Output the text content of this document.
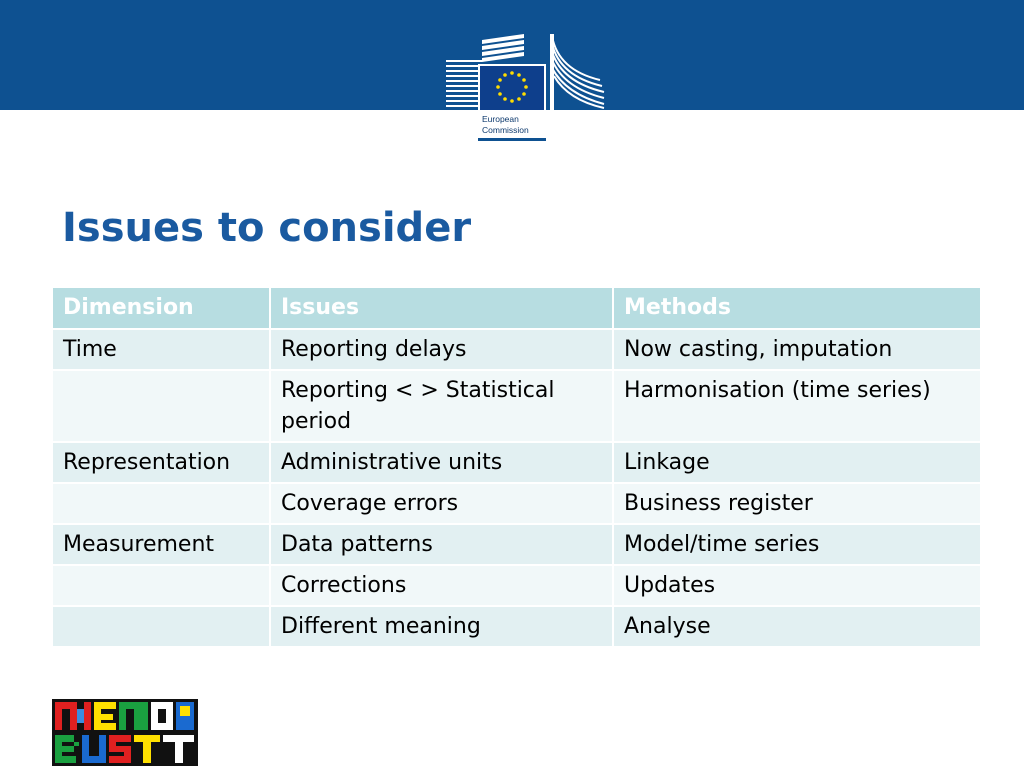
European
Commission
Issues to consider
Dimension	Issues	Methods
Time	Reporting delays	Now casting, imputation
	Reporting < > Statistical period	Harmonisation (time series)
Representation	Administrative units	Linkage
	Coverage errors	Business register
Measurement	Data patterns	Model/time series
	Corrections	Updates
	Different meaning	Analyse
